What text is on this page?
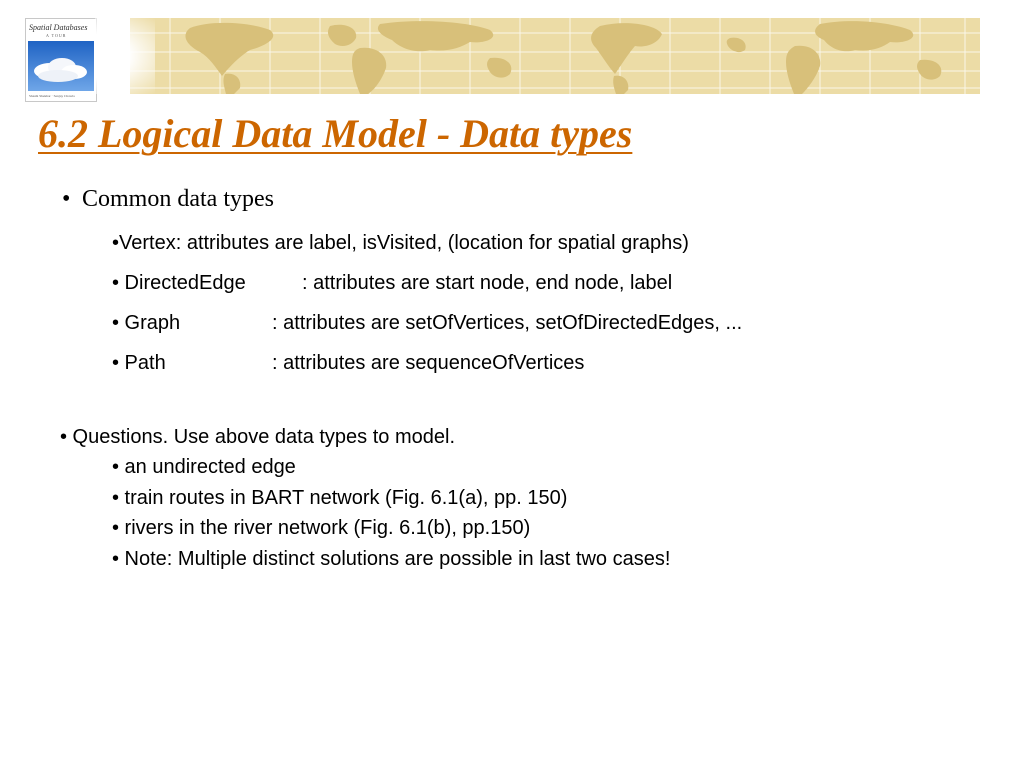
Spatial Databases
A TOUR
Shashi Shekhar · Sanjay Chawla
6.2 Logical Data Model - Data types
• Common data types
•Vertex: attributes are label, isVisited, (location for spatial graphs)
• DirectedEdge	: attributes are start node, end node, label
• Graph	: attributes are setOfVertices, setOfDirectedEdges, ...
• Path	: attributes are sequenceOfVertices
• Questions. Use above data types to model.
• an undirected edge
• train routes in BART network (Fig. 6.1(a), pp. 150)
• rivers in the river network (Fig. 6.1(b), pp.150)
• Note: Multiple distinct solutions are possible in last two cases!
